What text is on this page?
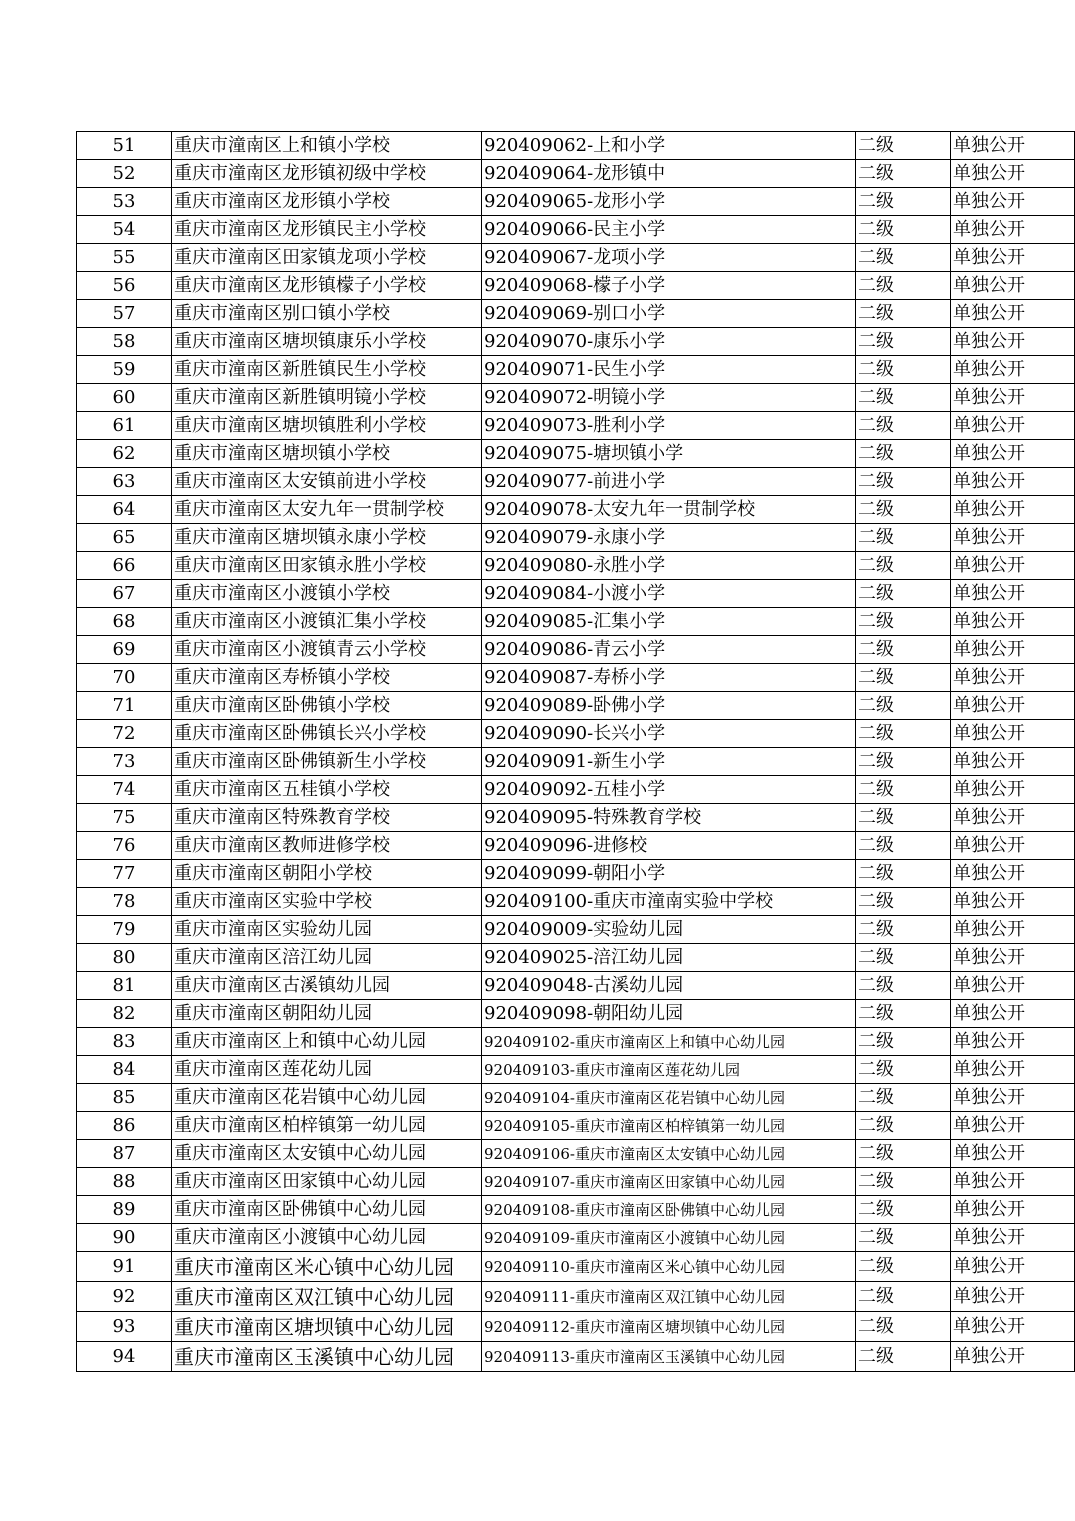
51	重庆市潼南区上和镇小学校	920409062-上和小学	二级	单独公开
52	重庆市潼南区龙形镇初级中学校	920409064-龙形镇中	二级	单独公开
53	重庆市潼南区龙形镇小学校	920409065-龙形小学	二级	单独公开
54	重庆市潼南区龙形镇民主小学校	920409066-民主小学	二级	单独公开
55	重庆市潼南区田家镇龙项小学校	920409067-龙项小学	二级	单独公开
56	重庆市潼南区龙形镇檬子小学校	920409068-檬子小学	二级	单独公开
57	重庆市潼南区别口镇小学校	920409069-别口小学	二级	单独公开
58	重庆市潼南区塘坝镇康乐小学校	920409070-康乐小学	二级	单独公开
59	重庆市潼南区新胜镇民生小学校	920409071-民生小学	二级	单独公开
60	重庆市潼南区新胜镇明镜小学校	920409072-明镜小学	二级	单独公开
61	重庆市潼南区塘坝镇胜利小学校	920409073-胜利小学	二级	单独公开
62	重庆市潼南区塘坝镇小学校	920409075-塘坝镇小学	二级	单独公开
63	重庆市潼南区太安镇前进小学校	920409077-前进小学	二级	单独公开
64	重庆市潼南区太安九年一贯制学校	920409078-太安九年一贯制学校	二级	单独公开
65	重庆市潼南区塘坝镇永康小学校	920409079-永康小学	二级	单独公开
66	重庆市潼南区田家镇永胜小学校	920409080-永胜小学	二级	单独公开
67	重庆市潼南区小渡镇小学校	920409084-小渡小学	二级	单独公开
68	重庆市潼南区小渡镇汇集小学校	920409085-汇集小学	二级	单独公开
69	重庆市潼南区小渡镇青云小学校	920409086-青云小学	二级	单独公开
70	重庆市潼南区寿桥镇小学校	920409087-寿桥小学	二级	单独公开
71	重庆市潼南区卧佛镇小学校	920409089-卧佛小学	二级	单独公开
72	重庆市潼南区卧佛镇长兴小学校	920409090-长兴小学	二级	单独公开
73	重庆市潼南区卧佛镇新生小学校	920409091-新生小学	二级	单独公开
74	重庆市潼南区五桂镇小学校	920409092-五桂小学	二级	单独公开
75	重庆市潼南区特殊教育学校	920409095-特殊教育学校	二级	单独公开
76	重庆市潼南区教师进修学校	920409096-进修校	二级	单独公开
77	重庆市潼南区朝阳小学校	920409099-朝阳小学	二级	单独公开
78	重庆市潼南区实验中学校	920409100-重庆市潼南实验中学校	二级	单独公开
79	重庆市潼南区实验幼儿园	920409009-实验幼儿园	二级	单独公开
80	重庆市潼南区涪江幼儿园	920409025-涪江幼儿园	二级	单独公开
81	重庆市潼南区古溪镇幼儿园	920409048-古溪幼儿园	二级	单独公开
82	重庆市潼南区朝阳幼儿园	920409098-朝阳幼儿园	二级	单独公开
83	重庆市潼南区上和镇中心幼儿园	920409102-重庆市潼南区上和镇中心幼儿园	二级	单独公开
84	重庆市潼南区莲花幼儿园	920409103-重庆市潼南区莲花幼儿园	二级	单独公开
85	重庆市潼南区花岩镇中心幼儿园	920409104-重庆市潼南区花岩镇中心幼儿园	二级	单独公开
86	重庆市潼南区柏梓镇第一幼儿园	920409105-重庆市潼南区柏梓镇第一幼儿园	二级	单独公开
87	重庆市潼南区太安镇中心幼儿园	920409106-重庆市潼南区太安镇中心幼儿园	二级	单独公开
88	重庆市潼南区田家镇中心幼儿园	920409107-重庆市潼南区田家镇中心幼儿园	二级	单独公开
89	重庆市潼南区卧佛镇中心幼儿园	920409108-重庆市潼南区卧佛镇中心幼儿园	二级	单独公开
90	重庆市潼南区小渡镇中心幼儿园	920409109-重庆市潼南区小渡镇中心幼儿园	二级	单独公开
91	重庆市潼南区米心镇中心幼儿园	920409110-重庆市潼南区米心镇中心幼儿园	二级	单独公开
92	重庆市潼南区双江镇中心幼儿园	920409111-重庆市潼南区双江镇中心幼儿园	二级	单独公开
93	重庆市潼南区塘坝镇中心幼儿园	920409112-重庆市潼南区塘坝镇中心幼儿园	二级	单独公开
94	重庆市潼南区玉溪镇中心幼儿园	920409113-重庆市潼南区玉溪镇中心幼儿园	二级	单独公开
